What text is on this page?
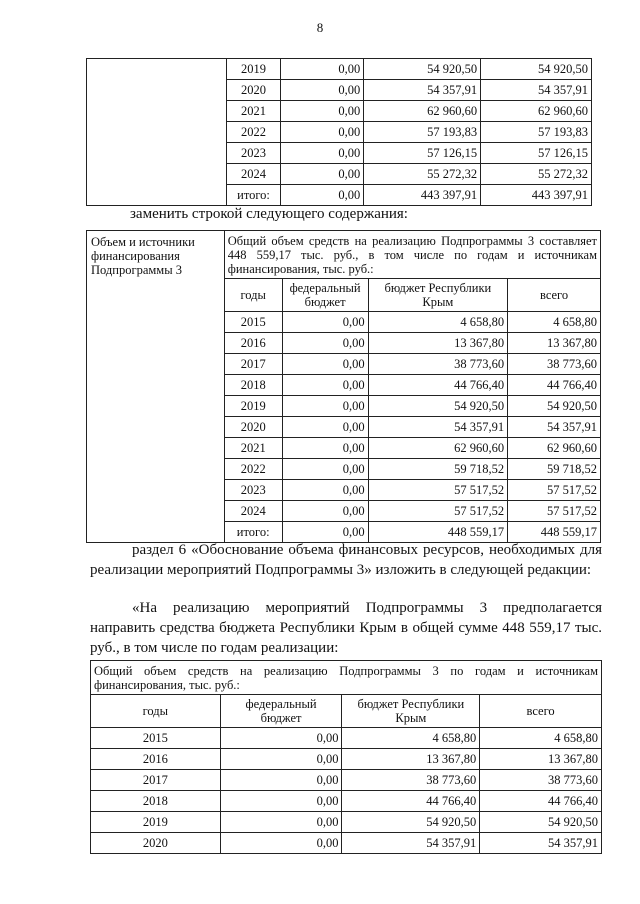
8
	2019	0,00	54 920,50	54 920,50
	2020	0,00	54 357,91	54 357,91
	2021	0,00	62 960,60	62 960,60
	2022	0,00	57 193,83	57 193,83
	2023	0,00	57 126,15	57 126,15
	2024	0,00	55 272,32	55 272,32
	итого:	0,00	443 397,91	443 397,91
заменить строкой следующего содержания:
Объем и источники финансирования Подпрограммы 3	Общий объем средств на реализацию Подпрограммы 3 составляет 448 559,17 тыс. руб., в том числе по годам и источникам финансирования, тыс. руб.:			
	годы	федеральный бюджет	бюджет Республики Крым	всего
	2015	0,00	4 658,80	4 658,80
	2016	0,00	13 367,80	13 367,80
	2017	0,00	38 773,60	38 773,60
	2018	0,00	44 766,40	44 766,40
	2019	0,00	54 920,50	54 920,50
	2020	0,00	54 357,91	54 357,91
	2021	0,00	62 960,60	62 960,60
	2022	0,00	59 718,52	59 718,52
	2023	0,00	57 517,52	57 517,52
	2024	0,00	57 517,52	57 517,52
	итого:	0,00	448 559,17	448 559,17
раздел 6 «Обоснование объема финансовых ресурсов, необходимых для реализации мероприятий Подпрограммы 3» изложить в следующей редакции:
«На реализацию мероприятий Подпрограммы 3 предполагается направить средства бюджета Республики Крым в общей сумме 448 559,17 тыс. руб., в том числе по годам реализации:
Общий объем средств на реализацию Подпрограммы 3 по годам и источникам финансирования, тыс. руб.:			
годы	федеральный бюджет	бюджет Республики Крым	всего
2015	0,00	4 658,80	4 658,80
2016	0,00	13 367,80	13 367,80
2017	0,00	38 773,60	38 773,60
2018	0,00	44 766,40	44 766,40
2019	0,00	54 920,50	54 920,50
2020	0,00	54 357,91	54 357,91
